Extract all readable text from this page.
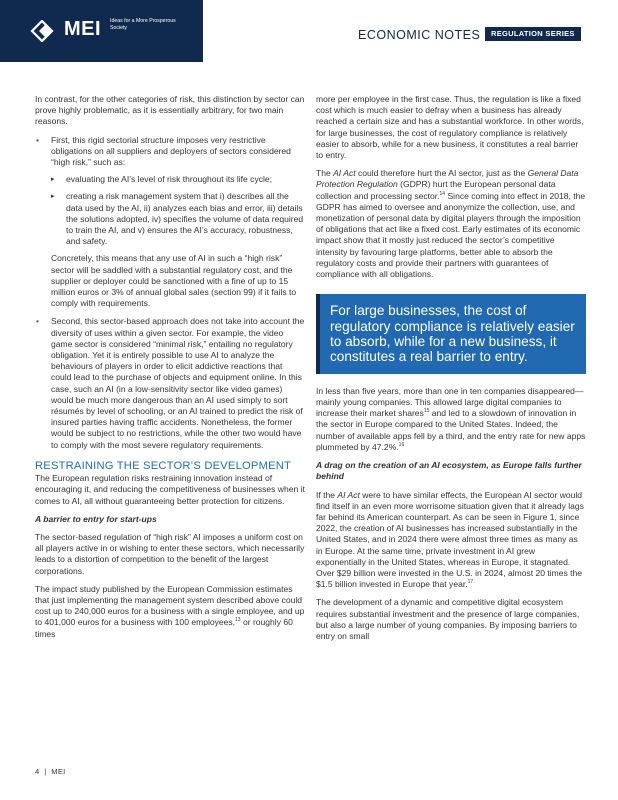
MEI Ideas for a More Prosperous Society	ECONOMIC NOTES	REGULATION SERIES

In contrast, for the other categories of risk, this distinction by sector can prove highly problematic, as it is essentially arbitrary, for two main reasons.

• First, this rigid sectorial structure imposes very restrictive obligations on all suppliers and deployers of sectors considered “high risk,” such as:
▸ evaluating the AI’s level of risk throughout its life cycle;
▸ creating a risk management system that i) describes all the data used by the AI, ii) analyzes each bias and error, iii) details the solutions adopted, iv) specifies the volume of data required to train the AI, and v) ensures the AI’s accuracy, robustness, and safety.
Concretely, this means that any use of AI in such a “high risk” sector will be saddled with a substantial regulatory cost, and the supplier or deployer could be sanctioned with a fine of up to 15 million euros or 3% of annual global sales (section 99) if it fails to comply with requirements.
• Second, this sector-based approach does not take into account the diversity of uses within a given sector. For example, the video game sector is considered “minimal risk,” entailing no regulatory obligation. Yet it is entirely possible to use AI to analyze the behaviours of players in order to elicit addictive reactions that could lead to the purchase of objects and equipment online. In this case, such an AI (in a low-sensitivity sector like video games) would be much more dangerous than an AI used simply to sort résumés by level of schooling, or an AI trained to predict the risk of insured parties having traffic accidents. Nonetheless, the former would be subject to no restrictions, while the other two would have to comply with the most severe regulatory requirements.
RESTRAINING THE SECTOR’S DEVELOPMENT

The European regulation risks restraining innovation instead of encouraging it, and reducing the competitiveness of businesses when it comes to AI, all without guaranteeing better protection for citizens.

A barrier to entry for start-ups

The sector-based regulation of “high risk” AI imposes a uniform cost on all players active in or wishing to enter these sectors, which necessarily leads to a distortion of competition to the benefit of the largest corporations.

The impact study published by the European Commission estimates that just implementing the management system described above could cost up to 240,000 euros for a business with a single employee, and up to 401,000 euros for a business with 100 employees,$^{13}$ or roughly 60 times

more per employee in the first case. Thus, the regulation is like a fixed cost which is much easier to defray when a business has already reached a certain size and has a substantial workforce. In other words, for large businesses, the cost of regulatory compliance is relatively easier to absorb, while for a new business, it constitutes a real barrier to entry.

The AI Act could therefore hurt the AI sector, just as the General Data Protection Regulation (GDPR) hurt the European personal data collection and processing sector.$^{14}$ Since coming into effect in 2018, the GDPR has aimed to oversee and anonymize the collection, use, and monetization of personal data by digital players through the imposition of obligations that act like a fixed cost. Early estimates of its economic impact show that it mostly just reduced the sector’s competitive intensity by favouring large platforms, better able to absorb the regulatory costs and provide their partners with guarantees of compliance with all obligations.

For large businesses, the cost of regulatory compliance is relatively easier to absorb, while for a new business, it constitutes a real barrier to entry.

In less than five years, more than one in ten companies disappeared—mainly young companies. This allowed large digital companies to increase their market shares$^{15}$ and led to a slowdown of innovation in the sector in Europe compared to the United States. Indeed, the number of available apps fell by a third, and the entry rate for new apps plummeted by 47.2%.$^{16}$

A drag on the creation of an AI ecosystem, as Europe falls further behind

If the AI Act were to have similar effects, the European AI sector would find itself in an even more worrisome situation given that it already lags far behind its American counterpart. As can be seen in Figure 1, since 2022, the creation of AI businesses has increased substantially in the United States, and in 2024 there were almost three times as many as in Europe. At the same time, private investment in AI grew exponentially in the United States, whereas in Europe, it stagnated. Over $29 billion were invested in the U.S. in 2024, almost 20 times the $1.5 billion invested in Europe that year.$^{17}$

The development of a dynamic and competitive digital ecosystem requires substantial investment and the presence of large companies, but also a large number of young companies. By imposing barriers to entry on small

4 | MEI
